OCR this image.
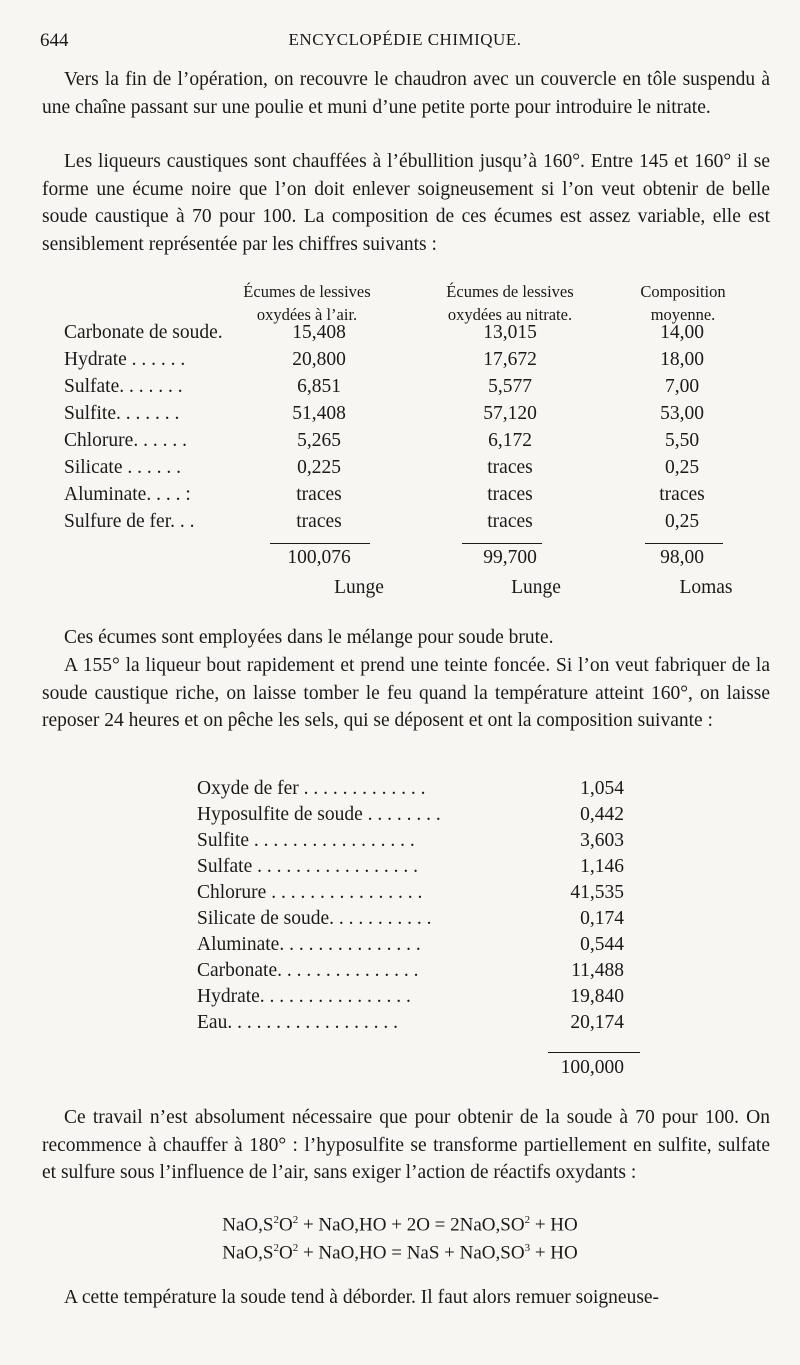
644	ENCYCLOPÉDIE CHIMIQUE.

Vers la fin de l’opération, on recouvre le chaudron avec un couvercle en tôle suspendu à une chaîne passant sur une poulie et muni d’une petite porte pour introduire le nitrate.

Les liqueurs caustiques sont chauffées à l’ébullition jusqu’à 160°. Entre 145 et 160° il se forme une écume noire que l’on doit enlever soigneusement si l’on veut obtenir de belle soude caustique à 70 pour 100. La composition de ces écumes est assez variable, elle est sensiblement représentée par les chiffres suivants :

Écumes de lessives
oxydées à l’air.
Écumes de lessives
oxydées au nitrate.
Composition
moyenne.
Carbonate de soude.	15,408	13,015	14,00
Hydrate . . . . . .	20,800	17,672	18,00
Sulfate. . . . . . .	6,851	5,577	7,00
Sulfite. . . . . . .	51,408	57,120	53,00
Chlorure. . . . . .	5,265	6,172	5,50
Silicate . . . . . .	0,225	traces	0,25
Aluminate. . . . :	traces	traces	traces
Sulfure de fer. . .	traces	traces	0,25
100,076	99,700	98,00
Lunge	Lunge	Lomas

Ces écumes sont employées dans le mélange pour soude brute.

A 155° la liqueur bout rapidement et prend une teinte foncée. Si l’on veut fabriquer de la soude caustique riche, on laisse tomber le feu quand la température atteint 160°, on laisse reposer 24 heures et on pêche les sels, qui se déposent et ont la composition suivante :

Oxyde de fer . . . . . . . . . . . . .	1,054
Hyposulfite de soude . . . . . . . .	0,442
Sulfite . . . . . . . . . . . . . . . . .	3,603
Sulfate . . . . . . . . . . . . . . . . .	1,146
Chlorure . . . . . . . . . . . . . . . .	41,535
Silicate de soude. . . . . . . . . . .	0,174
Aluminate. . . . . . . . . . . . . . .	0,544
Carbonate. . . . . . . . . . . . . . .	11,488
Hydrate. . . . . . . . . . . . . . . .	19,840
Eau. . . . . . . . . . . . . . . . . .	20,174
100,000

Ce travail n’est absolument nécessaire que pour obtenir de la soude à 70 pour 100. On recommence à chauffer à 180° : l’hyposulfite se transforme partiellement en sulfite, sulfate et sulfure sous l’influence de l’air, sans exiger l’action de réactifs oxydants :

$NaO,S^2O^2 + NaO,HO + 2O = 2NaO,SO^2$ + HO
$NaO,S^2O^2 + NaO,HO$ = NaS + $NaO,SO^3$ + HO

A cette température la soude tend à déborder. Il faut alors remuer soigneuse-
